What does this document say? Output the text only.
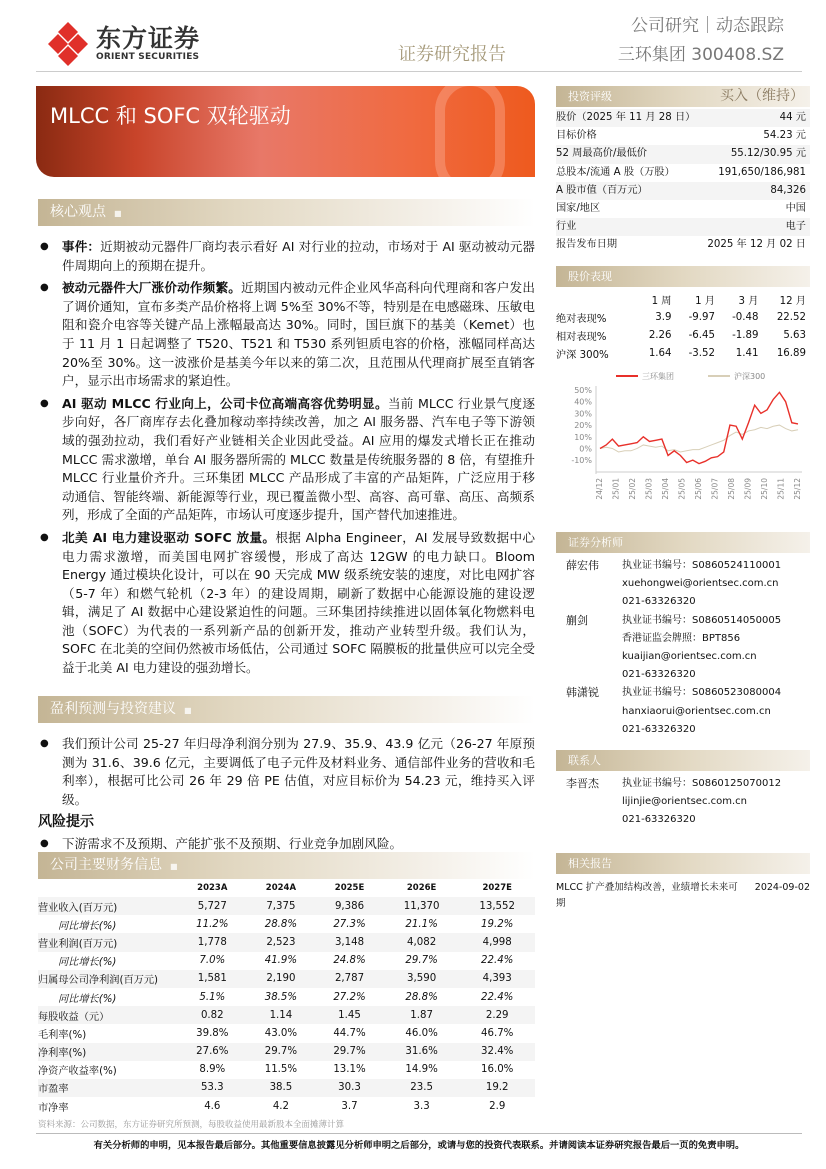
东方证券
ORIENT SECURITIES	证券研究报告
公司研究｜动态跟踪
三环集团 300408.SZ
MLCC 和 SOFC 双轮驱动
核心观点 ■
● 事件：近期被动元器件厂商均表示看好 AI 对行业的拉动，市场对于 AI 驱动被动元器件周期向上的预期在提升。
● 被动元器件大厂涨价动作频繁。近期国内被动元件企业风华高科向代理商和客户发出了调价通知，宣布多类产品价格将上调 5%至 30%不等，特别是在电感磁珠、压敏电阻和瓷介电容等关键产品上涨幅最高达 30%。同时，国巨旗下的基美（Kemet）也于 11 月 1 日起调整了 T520、T521 和 T530 系列钽质电容的价格，涨幅同样高达 20%至 30%。这一波涨价是基美今年以来的第二次，且范围从代理商扩展至直销客户，显示出市场需求的紧迫性。
● AI 驱动 MLCC 行业向上，公司卡位高端高容优势明显。当前 MLCC 行业景气度逐步向好，各厂商库存去化叠加稼动率持续改善，加之 AI 服务器、汽车电子等下游领域的强劲拉动，我们看好产业链相关企业因此受益。AI 应用的爆发式增长正在推动 MLCC 需求激增，单台 AI 服务器所需的 MLCC 数量是传统服务器的 8 倍，有望推升 MLCC 行业量价齐升。三环集团 MLCC 产品形成了丰富的产品矩阵，广泛应用于移动通信、智能终端、新能源等行业，现已覆盖微小型、高容、高可靠、高压、高频系列，形成了全面的产品矩阵，市场认可度逐步提升，国产替代加速推进。
● 北美 AI 电力建设驱动 SOFC 放量。根据 Alpha Engineer，AI 发展导致数据中心电力需求激增，而美国电网扩容缓慢，形成了高达 12GW 的电力缺口。Bloom Energy 通过模块化设计，可以在 90 天完成 MW 级系统安装的速度，对比电网扩容（5-7 年）和燃气轮机（2-3 年）的建设周期，刷新了数据中心能源设施的建设逻辑，满足了 AI 数据中心建设紧迫性的问题。三环集团持续推进以固体氧化物燃料电池（SOFC）为代表的一系列新产品的创新开发，推动产业转型升级。我们认为，SOFC 在北美的空间仍然被市场低估，公司通过 SOFC 隔膜板的批量供应可以完全受益于北美 AI 电力建设的强劲增长。
盈利预测与投资建议 ■
● 我们预计公司 25-27 年归母净利润分别为 27.9、35.9、43.9 亿元（26-27 年原预测为 31.6、39.6 亿元，主要调低了电子元件及材料业务、通信部件业务的营收和毛利率），根据可比公司 26 年 29 倍 PE 估值，对应目标价为 54.23 元，维持买入评级。
风险提示
● 下游需求不及预期、产能扩张不及预期、行业竞争加剧风险。
公司主要财务信息 ■
	2023A	2024A	2025E	2026E	2027E
营业收入(百万元)	5,727	7,375	9,386	11,370	13,552
同比增长(%)	11.2%	28.8%	27.3%	21.1%	19.2%
营业利润(百万元)	1,778	2,523	3,148	4,082	4,998
同比增长(%)	7.0%	41.9%	24.8%	29.7%	22.4%
归属母公司净利润(百万元)	1,581	2,190	2,787	3,590	4,393
同比增长(%)	5.1%	38.5%	27.2%	28.8%	22.4%
每股收益（元）	0.82	1.14	1.45	1.87	2.29
毛利率(%)	39.8%	43.0%	44.7%	46.0%	46.7%
净利率(%)	27.6%	29.7%	29.7%	31.6%	32.4%
净资产收益率(%)	8.9%	11.5%	13.1%	14.9%	16.0%
市盈率	53.3	38.5	30.3	23.5	19.2
市净率	4.6	4.2	3.7	3.3	2.9
资料来源：公司数据，东方证券研究所预测，每股收益使用最新股本全面摊薄计算
有关分析师的申明，见本报告最后部分。其他重要信息披露见分析师申明之后部分，或请与您的投资代表联系。并请阅读本证券研究报告最后一页的免责申明。
投资评级	买入（维持）
股价（2025 年 11 月 28 日）	44 元
目标价格	54.23 元
52 周最高价/最低价	55.12/30.95 元
总股本/流通 A 股（万股）	191,650/186,981
A 股市值（百万元）	84,326
国家/地区	中国
行业	电子
报告发布日期	2025 年 12 月 02 日
股价表现
	1 周	1 月	3 月	12 月
绝对表现%	3.9	-9.97	-0.48	22.52
相对表现%	2.26	-6.45	-1.89	5.63
沪深 300%	1.64	-3.52	1.41	16.89
三环集团	沪深300
50%
40%
30%
20%
10%
0%
-10%
24/12 25/01 25/02 25/03 25/04 25/05 25/06 25/07 25/08 25/09 25/10 25/11 25/12
证券分析师
薛宏伟	执业证书编号：S0860524110001
xuehongwei@orientsec.com.cn
021-63326320
蒯剑	执业证书编号：S0860514050005
香港证监会牌照：BPT856
kuaijian@orientsec.com.cn
021-63326320
韩潇锐	执业证书编号：S0860523080004
hanxiaorui@orientsec.com.cn
021-63326320
联系人
李晋杰	执业证书编号：S0860125070012
lijinjie@orientsec.com.cn
021-63326320
相关报告
MLCC 扩产叠加结构改善，业绩增长未来可期
2024-09-02
